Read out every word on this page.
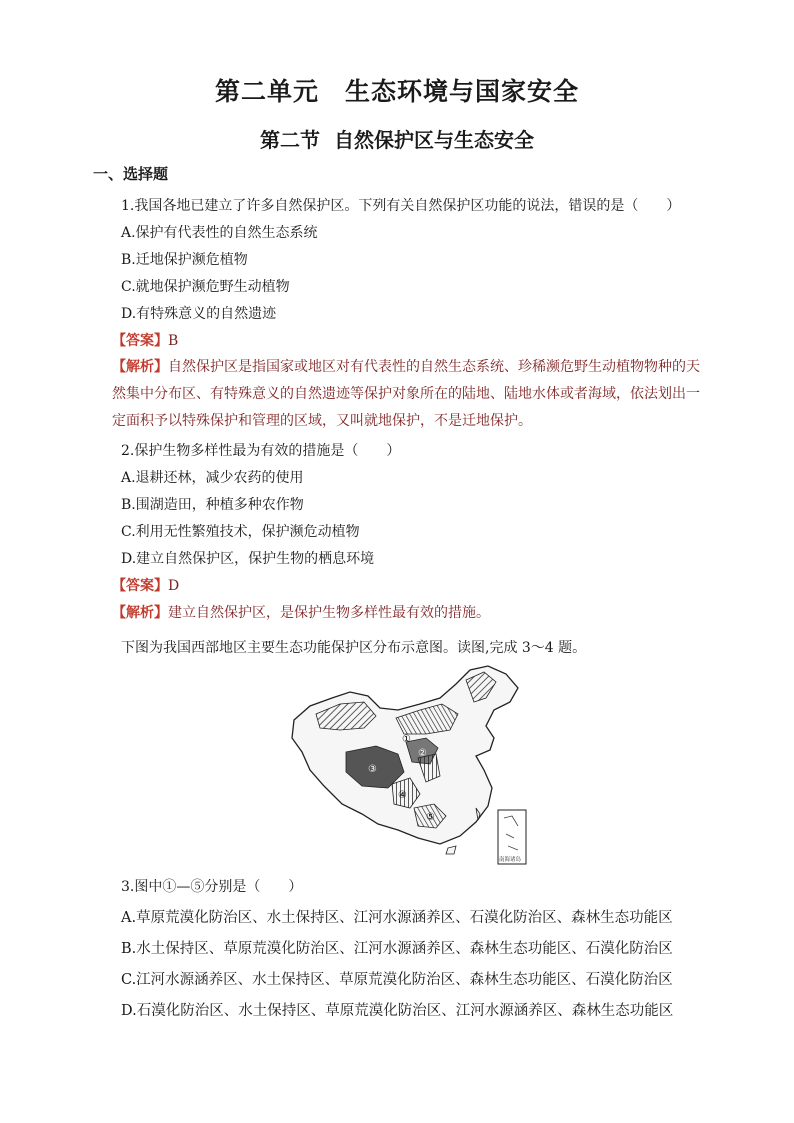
第二单元　生态环境与国家安全
第二节  自然保护区与生态安全
一、选择题
1.我国各地已建立了许多自然保护区。下列有关自然保护区功能的说法，错误的是（　　）
A.保护有代表性的自然生态系统
B.迁地保护濒危植物
C.就地保护濒危野生动植物
D.有特殊意义的自然遗迹
【答案】B
【解析】自然保护区是指国家或地区对有代表性的自然生态系统、珍稀濒危野生动植物物种的天然集中分布区、有特殊意义的自然遗迹等保护对象所在的陆地、陆地水体或者海域，依法划出一定面积予以特殊保护和管理的区域，又叫就地保护，不是迁地保护。
2.保护生物多样性最为有效的措施是（　　）
A.退耕还林，减少农药的使用
B.围湖造田，种植多种农作物
C.利用无性繁殖技术，保护濒危动植物
D.建立自然保护区，保护生物的栖息环境
【答案】D
【解析】建立自然保护区，是保护生物多样性最有效的措施。
下图为我国西部地区主要生态功能保护区分布示意图。读图,完成 3～4 题。
①
②
③
④
⑤
南海诸岛
3.图中①—⑤分别是（　　）
A.草原荒漠化防治区、水土保持区、江河水源涵养区、石漠化防治区、森林生态功能区
B.水土保持区、草原荒漠化防治区、江河水源涵养区、森林生态功能区、石漠化防治区
C.江河水源涵养区、水土保持区、草原荒漠化防治区、森林生态功能区、石漠化防治区
D.石漠化防治区、水土保持区、草原荒漠化防治区、江河水源涵养区、森林生态功能区
